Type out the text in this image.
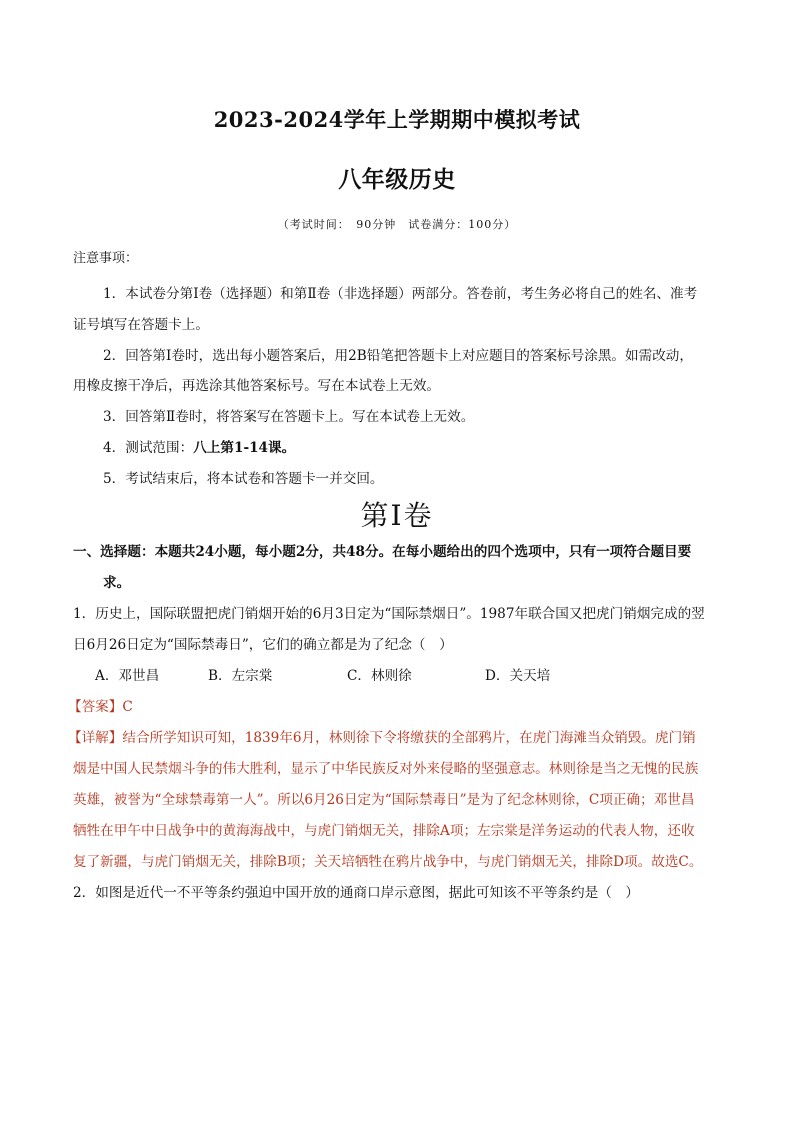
2023-2024学年上学期期中模拟考试
八年级历史
（考试时间：　90分钟　试卷满分：100分）
注意事项：
1．本试卷分第Ⅰ卷（选择题）和第Ⅱ卷（非选择题）两部分。答卷前，考生务必将自己的姓名、准考
证号填写在答题卡上。
2．回答第Ⅰ卷时，选出每小题答案后，用2B铅笔把答题卡上对应题目的答案标号涂黑。如需改动，
用橡皮擦干净后，再选涂其他答案标号。写在本试卷上无效。
3．回答第Ⅱ卷时，将答案写在答题卡上。写在本试卷上无效。
4．测试范围：八上第1-14课。
5．考试结束后，将本试卷和答题卡一并交回。
第Ⅰ卷
一、选择题：本题共24小题，每小题2分，共48分。在每小题给出的四个选项中，只有一项符合题目要
求。
1．历史上，国际联盟把虎门销烟开始的6月3日定为“国际禁烟日”。1987年联合国又把虎门销烟完成的翌
日6月26日定为“国际禁毒日”，它们的确立都是为了纪念（　）
A．邓世昌	B．左宗棠	C．林则徐	D．关天培
【答案】C
【详解】结合所学知识可知，1839年6月，林则徐下令将缴获的全部鸦片，在虎门海滩当众销毁。虎门销
烟是中国人民禁烟斗争的伟大胜利，显示了中华民族反对外来侵略的坚强意志。林则徐是当之无愧的民族
英雄，被誉为“全球禁毒第一人”。所以6月26日定为“国际禁毒日”是为了纪念林则徐，C项正确；邓世昌
牺牲在甲午中日战争中的黄海海战中，与虎门销烟无关，排除A项；左宗棠是洋务运动的代表人物，还收
复了新疆，与虎门销烟无关，排除B项；关天培牺牲在鸦片战争中，与虎门销烟无关，排除D项。故选C。
2．如图是近代一不平等条约强迫中国开放的通商口岸示意图，据此可知该不平等条约是（　）
